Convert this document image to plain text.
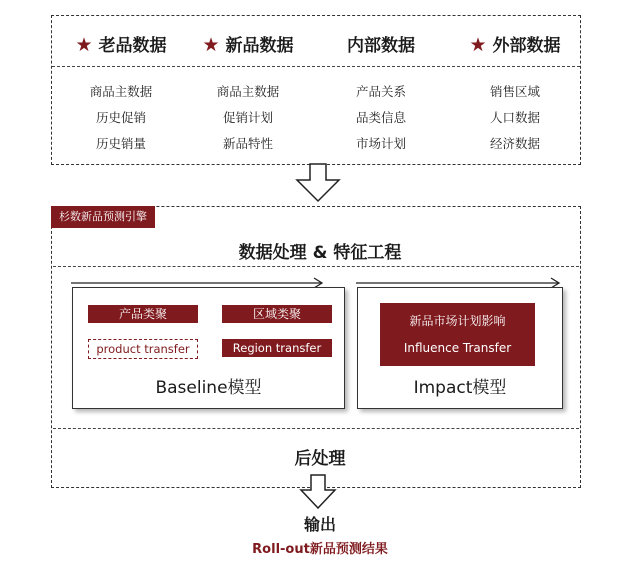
★ 老品数据
商品主数据
历史促销
历史销量
★ 新品数据
商品主数据
促销计划
新品特性
内部数据
产品关系
品类信息
市场计划
★ 外部数据
销售区域
人口数据
经济数据
杉数新品预测引擎
数据处理 & 特征工程
产品类聚	区域类聚
product transfer	Region transfer
Baseline模型
新品市场计划影响
Influence Transfer
Impact模型
后处理
输出
Roll-out新品预测结果
